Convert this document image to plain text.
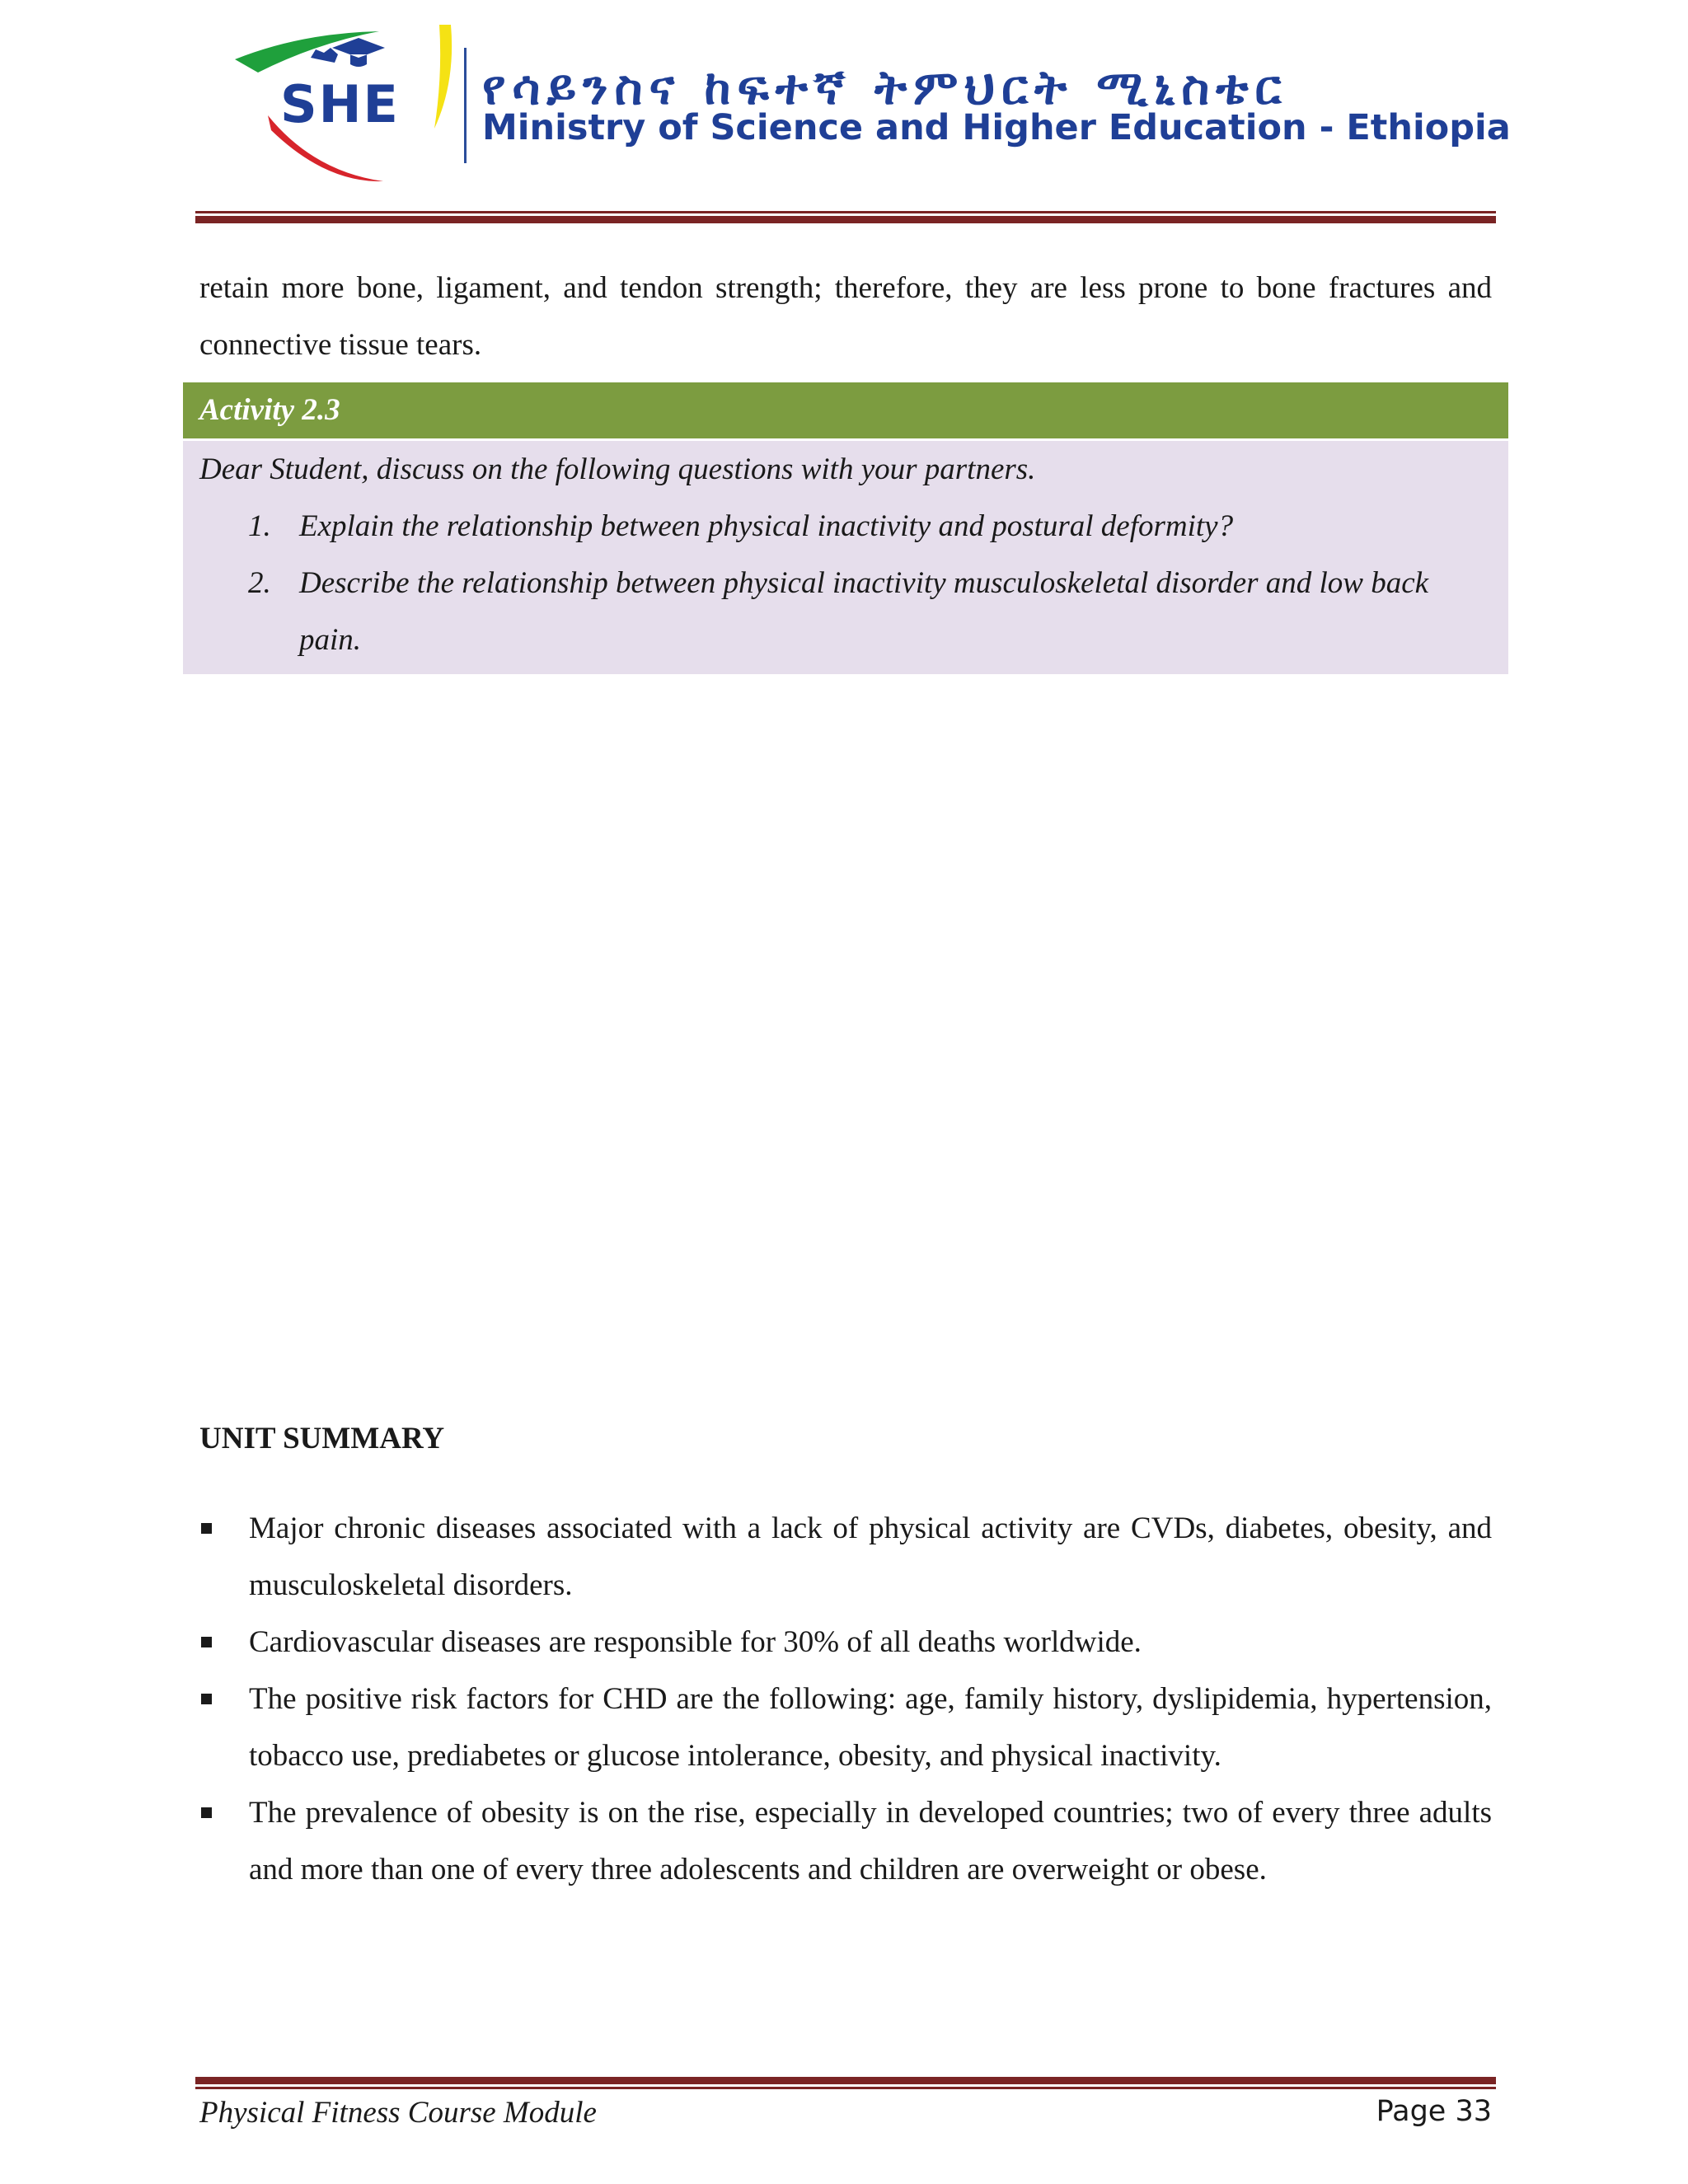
SHE የሳይንስና ከፍተኛ ትምህርት ሚኒስቴር
Ministry of Science and Higher Education - Ethiopia
retain more bone, ligament, and tendon strength; therefore, they are less prone to bone fractures and connective tissue tears.
Activity 2.3

Dear Student, discuss on the following questions with your partners.

1. Explain the relationship between physical inactivity and postural deformity?
2. Describe the relationship between physical inactivity musculoskeletal disorder and low back pain.
UNIT SUMMARY
Major chronic diseases associated with a lack of physical activity are CVDs, diabetes, obesity, and musculoskeletal disorders.
Cardiovascular diseases are responsible for 30% of all deaths worldwide.
The positive risk factors for CHD are the following: age, family history, dyslipidemia, hypertension, tobacco use, prediabetes or glucose intolerance, obesity, and physical inactivity.
The prevalence of obesity is on the rise, especially in developed countries; two of every three adults and more than one of every three adolescents and children are overweight or obese.
Physical Fitness Course Module	Page 33
